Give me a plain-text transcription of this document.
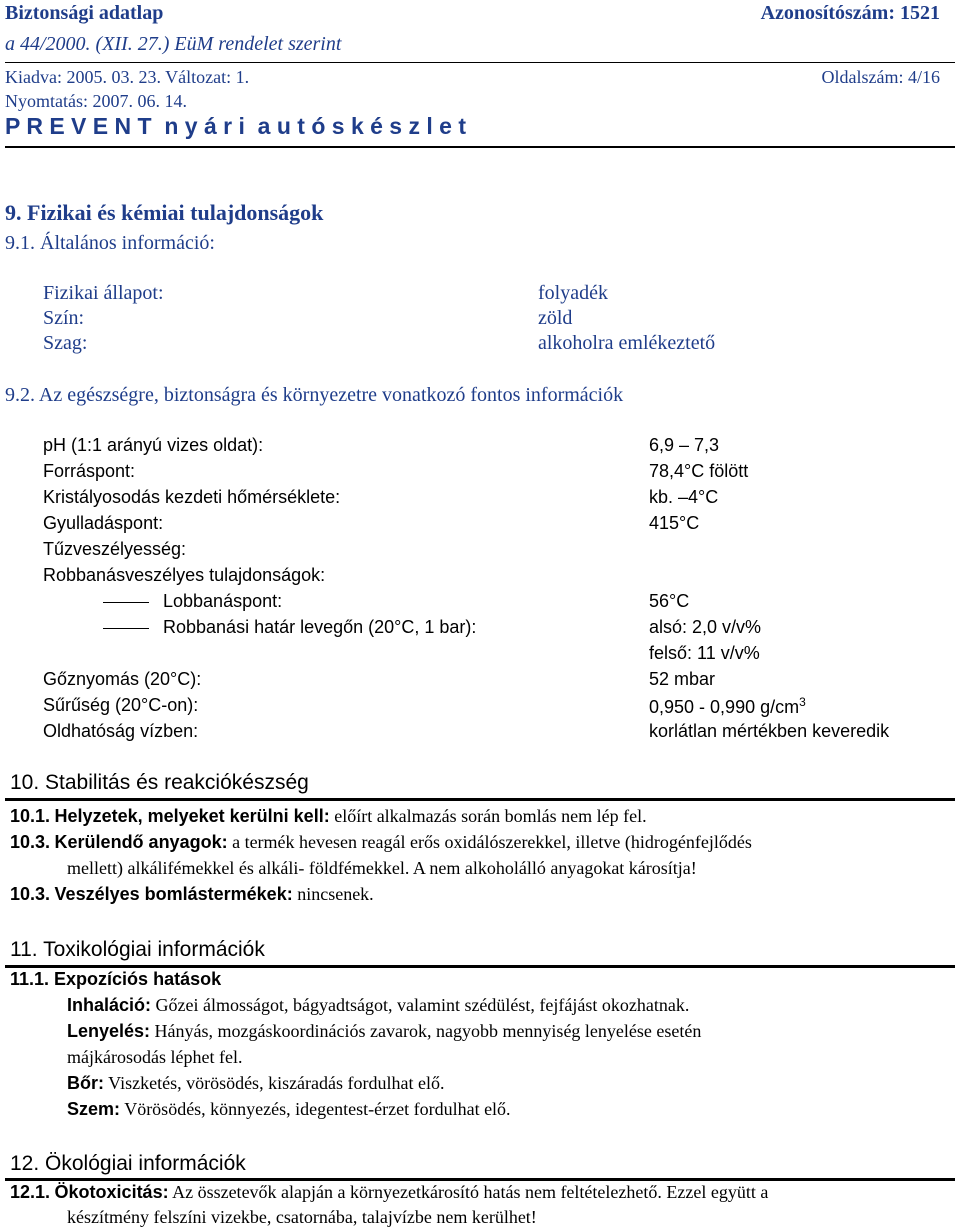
Biztonsági adatlap	Azonosítószám: 1521
a 44/2000. (XII. 27.) EüM rendelet szerint
Kiadva: 2005. 03. 23. Változat: 1.	Oldalszám: 4/16
Nyomtatás: 2007. 06. 14.
P R E V E N T  n y á r i  a u t ó s k é s z l e t
9. Fizikai és kémiai tulajdonságok
9.1. Általános információ:
Fizikai állapot:	folyadék
Szín:	zöld
Szag:	alkoholra emlékeztető
9.2. Az egészségre, biztonságra és környezetre vonatkozó fontos információk
pH (1:1 arányú vizes oldat):	6,9 – 7,3
Forráspont:	78,4°C fölött
Kristályosodás kezdeti hőmérséklete:	kb. –4°C
Gyulladáspont:	415°C
Tűzveszélyesség:
Robbanásveszélyes tulajdonságok:
Lobbanáspont:	56°C
Robbanási határ levegőn (20°C, 1 bar):	alsó: 2,0 v/v%
felső: 11 v/v%
Gőznyomás (20°C):	52 mbar
Sűrűség (20°C-on):	0,950 - 0,990 $g/cm^3$
Oldhatóság vízben:	korlátlan mértékben keveredik
10. Stabilitás és reakciókészség
10.1. Helyzetek, melyeket kerülni kell: előírt alkalmazás során bomlás nem lép fel.
10.3. Kerülendő anyagok: a termék hevesen reagál erős oxidálószerekkel, illetve (hidrogénfejlődés
mellett) alkálifémekkel és alkáli- földfémekkel. A nem alkoholálló anyagokat károsítja!
10.3. Veszélyes bomlástermékek: nincsenek.
11. Toxikológiai információk
11.1. Expozíciós hatások
Inhaláció: Gőzei álmosságot, bágyadtságot, valamint szédülést, fejfájást okozhatnak.
Lenyelés: Hányás, mozgáskoordinációs zavarok, nagyobb mennyiség lenyelése esetén
májkárosodás léphet fel.
Bőr: Viszketés, vörösödés, kiszáradás fordulhat elő.
Szem: Vörösödés, könnyezés, idegentest-érzet fordulhat elő.
12. Ökológiai információk
12.1. Ökotoxicitás: Az összetevők alapján a környezetkárosító hatás nem feltételezhető. Ezzel együtt a
készítmény felszíni vizekbe, csatornába, talajvízbe nem kerülhet!
